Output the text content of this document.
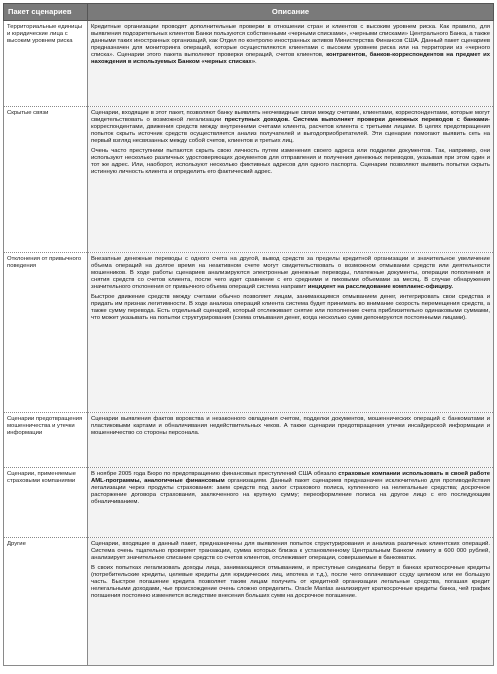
Пакет сценариев	Описание
Территориальные единицы и юридические лица с высоким уровнем риска	Кредитные организации проводят дополнительные проверки в отношении стран и клиентов с высоким уровнем риска. Как правило, для выявления подозрительных клиентов Банки пользуются собственными «черными списками», «черными списками» Центрального Банка, а также данными таких иностранных организаций, как Отдел по контролю иностранных активов Министерства Финансов США. Данный пакет сценариев предназначен для мониторинга операций, которые осуществляются клиентами с высоким уровнем риска или на территории из «черного списка». Сценарии этого пакета выполняют проверки операций, счетов клиентов, контрагентов, банков-корреспондентов на предмет их нахождения в используемых Банком «черных списках».

Скрытые связи	Сценарии, входящие в этот пакет, позволяют банку выявлять неочевидные связи между счетами, клиентами, корреспондентами, которые могут свидетельствовать о возможной легализации преступных доходов. Система выполняет проверки денежных переводов с банками-корреспондентами, движения средств между внутренними счетами клиента, расчетов клиента с третьими лицами. В целях предотвращения попыток скрыть источник средств осуществляется анализ получателей и выгодоприобретателей. Эти сценарии помогают выявить сеть на первый взгляд несвязанных между собой счетов, клиентов и третьих лиц.

Очень часто преступники пытаются скрыть свою личность путем изменения своего адреса или подделки документов. Так, например, они используют несколько различных удостоверяющих документов для отправления и получения денежных переводов, указывая при этом один и тот же адрес. Или, наоборот, используют несколько фиктивных адресов для одного паспорта. Сценарии позволяют выявить попытки скрыть истинную личность клиента и определить его фактический адрес.

Отклонения от привычного поведения	Внезапные денежные переводы с одного счета на другой, вывод средств за пределы кредитной организации и значительное увеличение объема операций на долгое время на неактивном счете могут свидетельствовать о возможном отмывании средств или деятельности мошенников. В ходе работы сценариев анализируются электронные денежные переводы, платежные документы, операции пополнения и снятия средств со счетов клиента, после чего идет сравнение с его средними и пиковыми объемами за месяц. В случае обнаружения значительного отклонения от привычного объема операций система направит инцидент на расследование комплаенс-офицеру.

Быстрое движение средств между счетами обычно позволяет лицам, занимающимся отмыванием денег, интегрировать свои средства и придать им признак легитимности. В ходе анализа операций клиента система будет принимать во внимание скорость перемещения средств, а также сумму перевода. Есть отдельный сценарий, который отслеживает снятие или пополнение счета приблизительно одинаковыми суммами, что может указывать на попытки структурирования (схема отмывания денег, когда несколько сумм депонируются постоянными лицами).

Сценарии предотвращения мошенничества и утечки информации	Сценарии выявления фактов воровства и незаконного овладения счетом, подделки документов, мошеннических операций с банкоматами и пластиковыми картами и обналичивания недействительных чеков. А также сценарии предотвращения утечки инсайдерской информации и мошенничество со стороны персонала.

Сценарии, применяемые страховыми компаниями	В ноябре 2005 года Бюро по предотвращению финансовых преступлений США обязало страховые компании использовать в своей работе AML-программы, аналогичные финансовым организациям. Данный пакет сценариев предназначен исключительно для противодействия легализации через продукты страхования: заем средств под залог страхового полиса, купленного на нелегальные средства; досрочное расторжение договора страхования, заключенного на крупную сумму; переоформление полиса на другое лицо с его последующим обналичиванием.

Другие	Сценарии, входящие в данный пакет, предназначены для выявления попыток структурирования и анализа различных клиентских операций. Система очень тщательно проверяет транзакции, сумма которых близка к установленному Центральным Банком лимиту в 600 000 рублей, анализирует значительное списание средств со счетов клиентов, отслеживает операции, совершаемые в банкоматах.

В своих попытках легализовать доходы лица, занимающиеся отмыванием, и преступные синдикаты берут в банках краткосрочные кредиты (потребительские кредиты, целевые кредиты для юридических лиц, ипотека и т.д.), после чего оплачивают ссуду целиком или ее большую часть. Быстрое погашение кредита позволяет таким лицам получить от кредитной организации легальные средства, погашая кредит нелегальными доходами, чье происхождение очень сложно определить. Oracle Mantas анализирует краткосрочные кредиты банка, чей график погашения постоянно изменяется вследствие внесения больших сумм на досрочное погашение.
